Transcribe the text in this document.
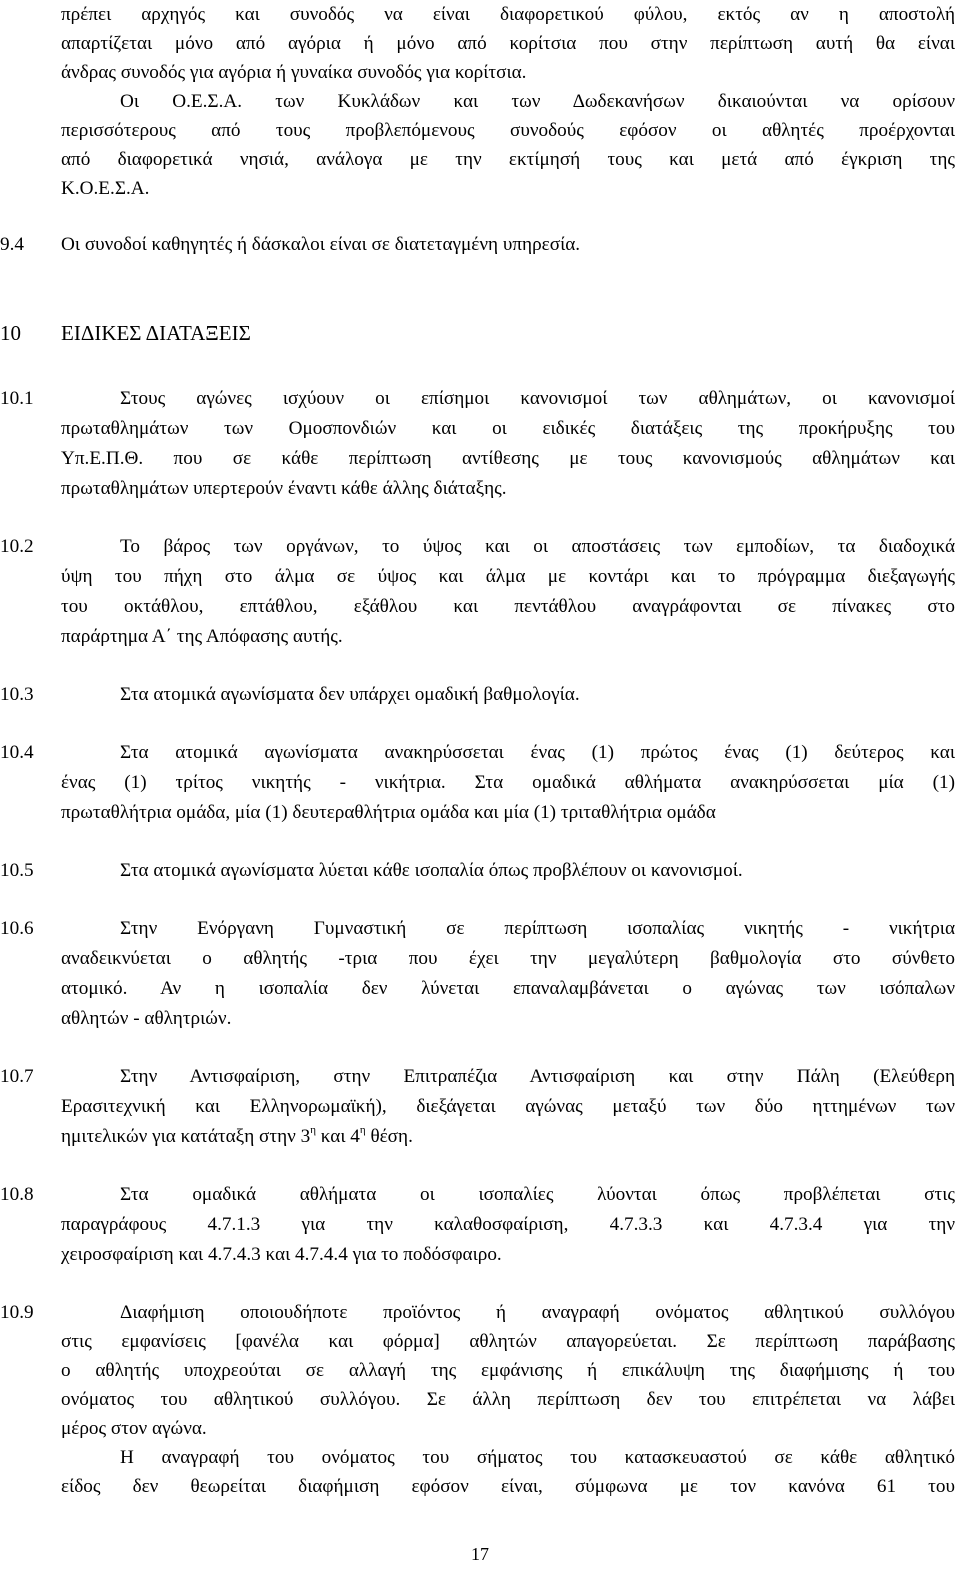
πρέπει αρχηγός και συνοδός να είναι διαφορετικού φύλου, εκτός αν η αποστολή
απαρτίζεται μόνο από αγόρια ή μόνο από κορίτσια που στην περίπτωση αυτή θα είναι
άνδρας συνοδός για αγόρια ή γυναίκα συνοδός για κορίτσια.
Οι Ο.Ε.Σ.Α. των Κυκλάδων και των Δωδεκανήσων δικαιούνται να ορίσουν
περισσότερους από τους προβλεπόμενους συνοδούς εφόσον οι αθλητές προέρχονται
από διαφορετικά νησιά, ανάλογα με την εκτίμησή τους και μετά από έγκριση της
Κ.Ο.Ε.Σ.Α.
9.4 Οι συνοδοί καθηγητές ή δάσκαλοι είναι σε διατεταγμένη υπηρεσία.
10 ΕΙΔΙΚΕΣ ΔΙΑΤΑΞΕΙΣ
10.1	Στους αγώνες ισχύουν οι επίσημοι κανονισμοί των αθλημάτων, οι κανονισμοί
πρωταθλημάτων των Ομοσπονδιών και οι ειδικές διατάξεις της προκήρυξης του
Υπ.Ε.Π.Θ. που σε κάθε περίπτωση αντίθεσης με τους κανονισμούς αθλημάτων και
πρωταθλημάτων υπερτερούν έναντι κάθε άλλης διάταξης.
10.2	Το βάρος των οργάνων, το ύψος και οι αποστάσεις των εμποδίων, τα διαδοχικά
ύψη του πήχη στο άλμα σε ύψος και άλμα με κοντάρι και το πρόγραμμα διεξαγωγής
του οκτάθλου, επτάθλου, εξάθλου και πεντάθλου αναγράφονται σε πίνακες στο
παράρτημα Α΄ της Απόφασης αυτής.
10.3	Στα ατομικά αγωνίσματα δεν υπάρχει ομαδική βαθμολογία.
10.4	Στα ατομικά αγωνίσματα ανακηρύσσεται ένας (1) πρώτος ένας (1) δεύτερος και
ένας (1) τρίτος νικητής - νικήτρια. Στα ομαδικά αθλήματα ανακηρύσσεται μία (1)
πρωταθλήτρια ομάδα, μία (1) δευτεραθλήτρια ομάδα και μία (1) τριταθλήτρια ομάδα
10.5	Στα ατομικά αγωνίσματα λύεται κάθε ισοπαλία όπως προβλέπουν οι κανονισμοί.
10.6	Στην Ενόργανη Γυμναστική σε περίπτωση ισοπαλίας νικητής - νικήτρια
αναδεικνύεται ο αθλητής -τρια που έχει την μεγαλύτερη βαθμολογία στο σύνθετο
ατομικό. Αν η ισοπαλία δεν λύνεται επαναλαμβάνεται ο αγώνας των ισόπαλων
αθλητών - αθλητριών.
10.7	Στην Αντισφαίριση, στην Επιτραπέζια Αντισφαίριση και στην Πάλη (Ελεύθερη
Ερασιτεχνική και Ελληνορωμαϊκή), διεξάγεται αγώνας μεταξύ των δύο ηττημένων των
ημιτελικών για κατάταξη στην $3^\eta$ και $4^\eta$ θέση.
10.8	Στα ομαδικά αθλήματα οι ισοπαλίες λύονται όπως προβλέπεται στις
παραγράφους 4.7.1.3 για την καλαθοσφαίριση, 4.7.3.3 και 4.7.3.4 για την
χειροσφαίριση και 4.7.4.3 και 4.7.4.4 για το ποδόσφαιρο.
10.9	Διαφήμιση οποιουδήποτε προϊόντος ή αναγραφή ονόματος αθλητικού συλλόγου
στις εμφανίσεις [φανέλα και φόρμα] αθλητών απαγορεύεται. Σε περίπτωση παράβασης
ο αθλητής υποχρεούται σε αλλαγή της εμφάνισης ή επικάλυψη της διαφήμισης ή του
ονόματος του αθλητικού συλλόγου. Σε άλλη περίπτωση δεν του επιτρέπεται να λάβει
μέρος στον αγώνα.
Η αναγραφή του ονόματος του σήματος του κατασκευαστού σε κάθε αθλητικό
είδος δεν θεωρείται διαφήμιση εφόσον είναι, σύμφωνα με τον κανόνα 61 του
17
